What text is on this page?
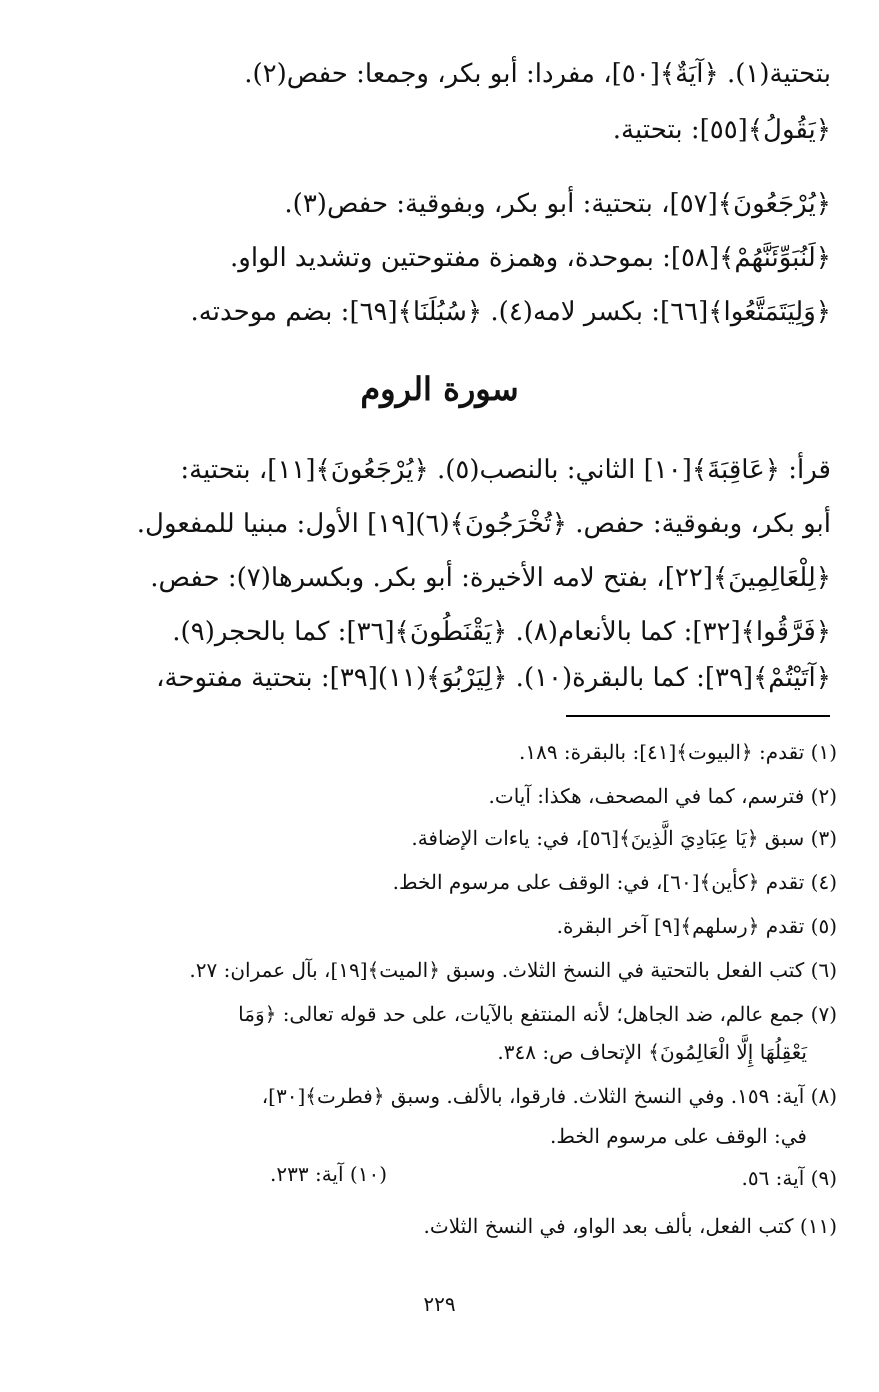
بتحتية(١). ﴿آيَةٌ﴾[٥٠]، مفردا: أبو بكر، وجمعا: حفص(٢).
﴿يَقُولُ﴾[٥٥]: بتحتية.
﴿يُرْجَعُونَ﴾[٥٧]، بتحتية: أبو بكر، وبفوقية: حفص(٣).
﴿لَنُبَوِّئَنَّهُمْ﴾[٥٨]: بموحدة، وهمزة مفتوحتين وتشديد الواو.
﴿وَلِيَتَمَتَّعُوا﴾[٦٦]: بكسر لامه(٤). ﴿سُبُلَنَا﴾[٦٩]: بضم موحدته.
سورة الروم
قرأ: ﴿عَاقِبَةَ﴾[١٠] الثاني: بالنصب(٥). ﴿يُرْجَعُونَ﴾[١١]، بتحتية:
أبو بكر، وبفوقية: حفص. ﴿تُخْرَجُونَ﴾(٦)[١٩] الأول: مبنيا للمفعول.
﴿لِلْعَالِمِينَ﴾[٢٢]، بفتح لامه الأخيرة: أبو بكر. وبكسرها(٧): حفص.
﴿فَرَّقُوا﴾[٣٢]: كما بالأنعام(٨). ﴿يَقْنَطُونَ﴾[٣٦]: كما بالحجر(٩).
﴿آتَيْتُمْ﴾[٣٩]: كما بالبقرة(١٠). ﴿لِيَرْبُوَ﴾(١١)[٣٩]: بتحتية مفتوحة،
(١) تقدم: ﴿البيوت﴾[٤١]: بالبقرة: ١٨٩.
(٢) فترسم، كما في المصحف، هكذا: آيات.
(٣) سبق ﴿يَا عِبَادِيَ الَّذِينَ﴾[٥٦]، في: ياءات الإضافة.
(٤) تقدم ﴿كأين﴾[٦٠]، في: الوقف على مرسوم الخط.
(٥) تقدم ﴿رسلهم﴾[٩] آخر البقرة.
(٦) كتب الفعل بالتحتية في النسخ الثلاث. وسبق ﴿الميت﴾[١٩]، بآل عمران: ٢٧.
(٧) جمع عالم، ضد الجاهل؛ لأنه المنتفع بالآيات، على حد قوله تعالى: ﴿وَمَا
يَعْقِلُهَا إِلَّا الْعَالِمُونَ﴾ الإتحاف ص: ٣٤٨.
(٨) آية: ١٥٩. وفي النسخ الثلاث. فارقوا، بالألف. وسبق ﴿فطرت﴾[٣٠]،
في: الوقف على مرسوم الخط.
(٩) آية: ٥٦.
(١٠) آية: ٢٣٣.
(١١) كتب الفعل، بألف بعد الواو، في النسخ الثلاث.
٢٢٩
